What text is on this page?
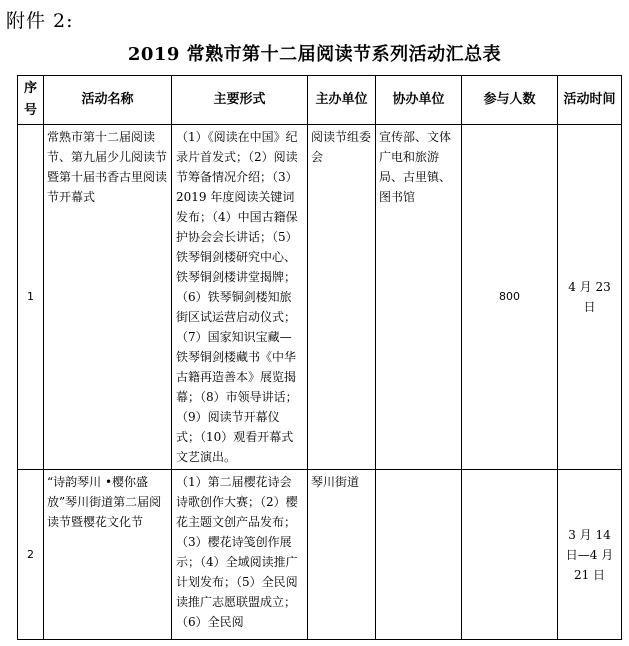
附件 2:
2019 常熟市第十二届阅读节系列活动汇总表
序号	活动名称	主要形式	主办单位	协办单位	参与人数	活动时间
1	常熟市第十二届阅读节、第九届少儿阅读节暨第十届书香古里阅读节开幕式	（1）《阅读在中国》纪录片首发式；（2）阅读节筹备情况介绍；（3）2019 年度阅读关键词发布；（4）中国古籍保护协会会长讲话；（5）铁琴铜剑楼研究中心、铁琴铜剑楼讲堂揭牌；（6）铁琴铜剑楼知旅街区试运营启动仪式；（7）国家知识宝藏—铁琴铜剑楼藏书《中华古籍再造善本》展览揭幕；（8）市领导讲话；（9）阅读节开幕仪式；（10）观看开幕式文艺演出。	阅读节组委会	宣传部、文体广电和旅游局、古里镇、图书馆	800	4 月 23 日
2	“诗韵琴川 •樱你盛放”琴川街道第二届阅读节暨樱花文化节	（1）第二届樱花诗会诗歌创作大赛；（2）樱花主题文创产品发布；（3）樱花诗笺创作展示；（4）全域阅读推广计划发布；（5）全民阅读推广志愿联盟成立；（6）全民阅	琴川街道			3 月 14 日—4 月 21 日
